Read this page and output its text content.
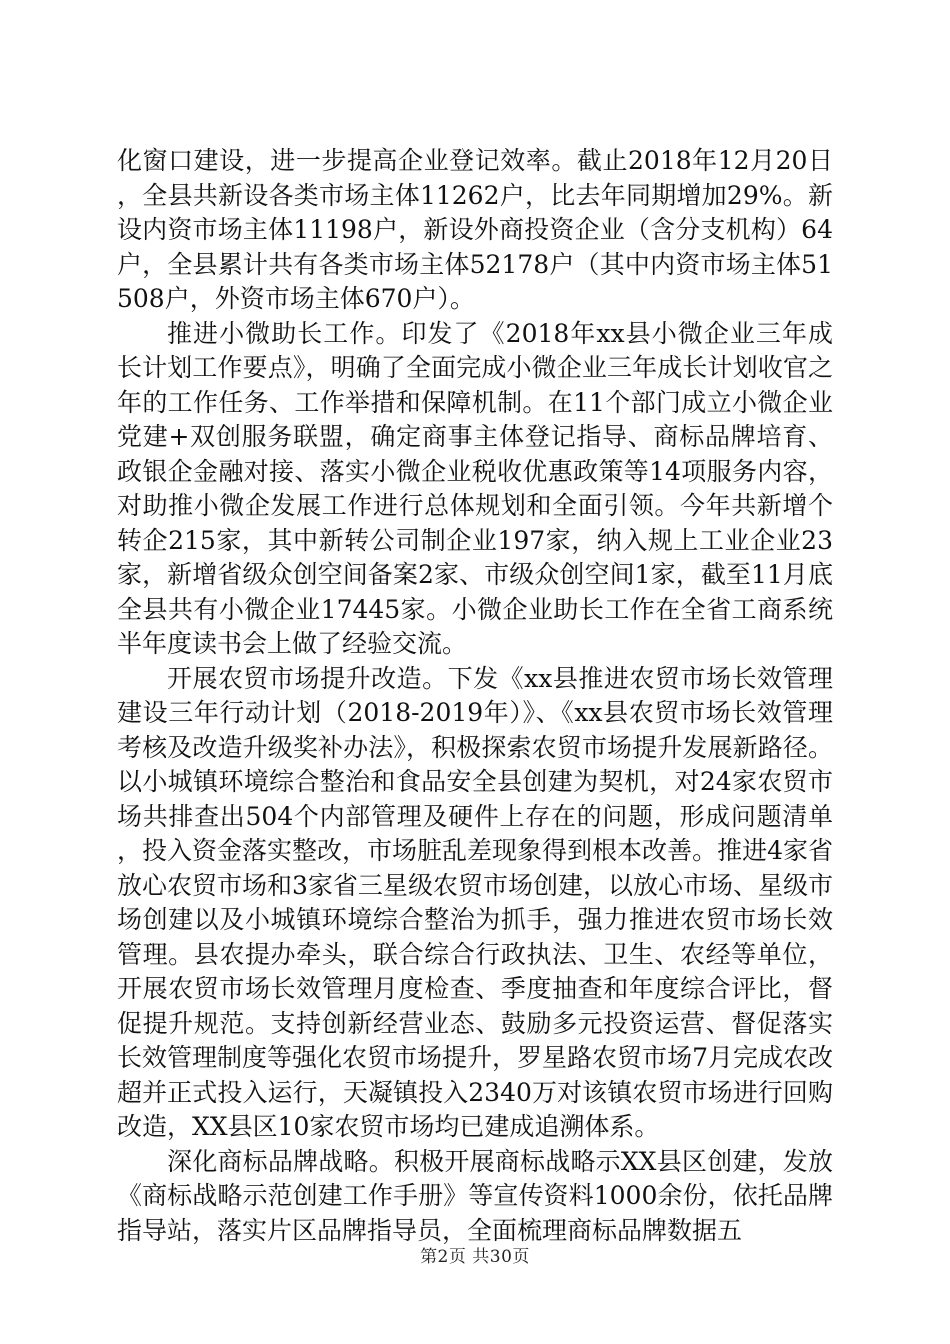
化窗口建设，进一步提高企业登记效率。截止2018年12月20日，全县共新设各类市场主体11262户，比去年同期增加29%。新设内资市场主体11198户，新设外商投资企业（含分支机构）64户，全县累计共有各类市场主体52178户（其中内资市场主体51508户，外资市场主体670户）。

推进小微助长工作。印发了《2018年xx县小微企业三年成长计划工作要点》，明确了全面完成小微企业三年成长计划收官之年的工作任务、工作举措和保障机制。在11个部门成立小微企业党建+双创服务联盟，确定商事主体登记指导、商标品牌培育、政银企金融对接、落实小微企业税收优惠政策等14项服务内容，对助推小微企发展工作进行总体规划和全面引领。今年共新增个转企215家，其中新转公司制企业197家，纳入规上工业企业23家，新增省级众创空间备案2家、市级众创空间1家，截至11月底全县共有小微企业17445家。小微企业助长工作在全省工商系统半年度读书会上做了经验交流。

开展农贸市场提升改造。下发《xx县推进农贸市场长效管理建设三年行动计划（2018-2019年）》、《xx县农贸市场长效管理考核及改造升级奖补办法》，积极探索农贸市场提升发展新路径。以小城镇环境综合整治和食品安全县创建为契机，对24家农贸市场共排查出504个内部管理及硬件上存在的问题，形成问题清单，投入资金落实整改，市场脏乱差现象得到根本改善。推进4家省放心农贸市场和3家省三星级农贸市场创建，以放心市场、星级市场创建以及小城镇环境综合整治为抓手，强力推进农贸市场长效管理。县农提办牵头，联合综合行政执法、卫生、农经等单位，开展农贸市场长效管理月度检查、季度抽查和年度综合评比，督促提升规范。支持创新经营业态、鼓励多元投资运营、督促落实长效管理制度等强化农贸市场提升，罗星路农贸市场7月完成农改超并正式投入运行，天凝镇投入2340万对该镇农贸市场进行回购改造，XX县区10家农贸市场均已建成追溯体系。

深化商标品牌战略。积极开展商标战略示XX县区创建，发放《商标战略示范创建工作手册》等宣传资料1000余份，依托品牌指导站，落实片区品牌指导员，全面梳理商标品牌数据五

第2页 共30页
